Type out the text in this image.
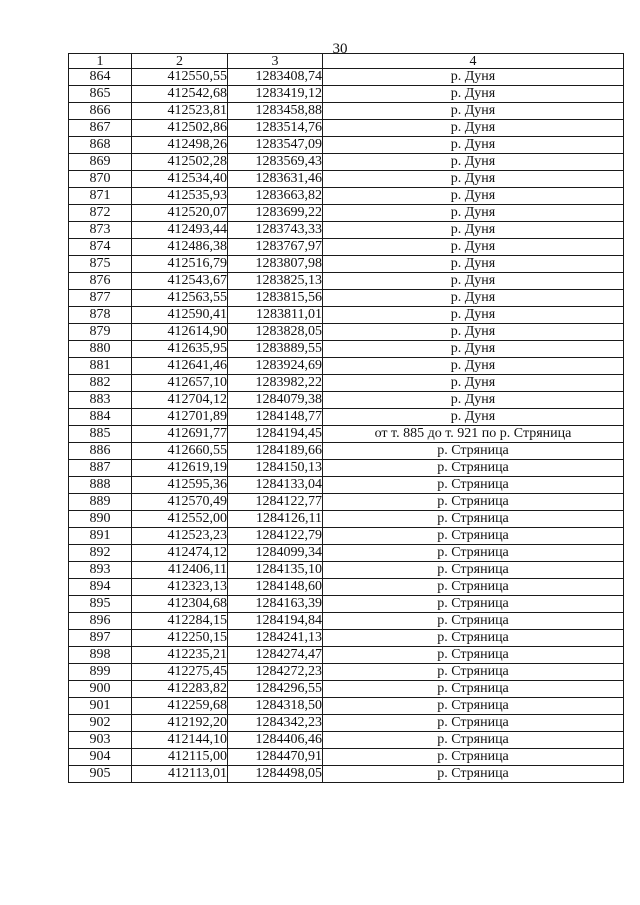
30
1	2	3	4
864	412550,55	1283408,74	р. Дуня
865	412542,68	1283419,12	р. Дуня
866	412523,81	1283458,88	р. Дуня
867	412502,86	1283514,76	р. Дуня
868	412498,26	1283547,09	р. Дуня
869	412502,28	1283569,43	р. Дуня
870	412534,40	1283631,46	р. Дуня
871	412535,93	1283663,82	р. Дуня
872	412520,07	1283699,22	р. Дуня
873	412493,44	1283743,33	р. Дуня
874	412486,38	1283767,97	р. Дуня
875	412516,79	1283807,98	р. Дуня
876	412543,67	1283825,13	р. Дуня
877	412563,55	1283815,56	р. Дуня
878	412590,41	1283811,01	р. Дуня
879	412614,90	1283828,05	р. Дуня
880	412635,95	1283889,55	р. Дуня
881	412641,46	1283924,69	р. Дуня
882	412657,10	1283982,22	р. Дуня
883	412704,12	1284079,38	р. Дуня
884	412701,89	1284148,77	р. Дуня
885	412691,77	1284194,45	от т. 885 до т. 921 по р. Стряница
886	412660,55	1284189,66	р. Стряница
887	412619,19	1284150,13	р. Стряница
888	412595,36	1284133,04	р. Стряница
889	412570,49	1284122,77	р. Стряница
890	412552,00	1284126,11	р. Стряница
891	412523,23	1284122,79	р. Стряница
892	412474,12	1284099,34	р. Стряница
893	412406,11	1284135,10	р. Стряница
894	412323,13	1284148,60	р. Стряница
895	412304,68	1284163,39	р. Стряница
896	412284,15	1284194,84	р. Стряница
897	412250,15	1284241,13	р. Стряница
898	412235,21	1284274,47	р. Стряница
899	412275,45	1284272,23	р. Стряница
900	412283,82	1284296,55	р. Стряница
901	412259,68	1284318,50	р. Стряница
902	412192,20	1284342,23	р. Стряница
903	412144,10	1284406,46	р. Стряница
904	412115,00	1284470,91	р. Стряница
905	412113,01	1284498,05	р. Стряница
